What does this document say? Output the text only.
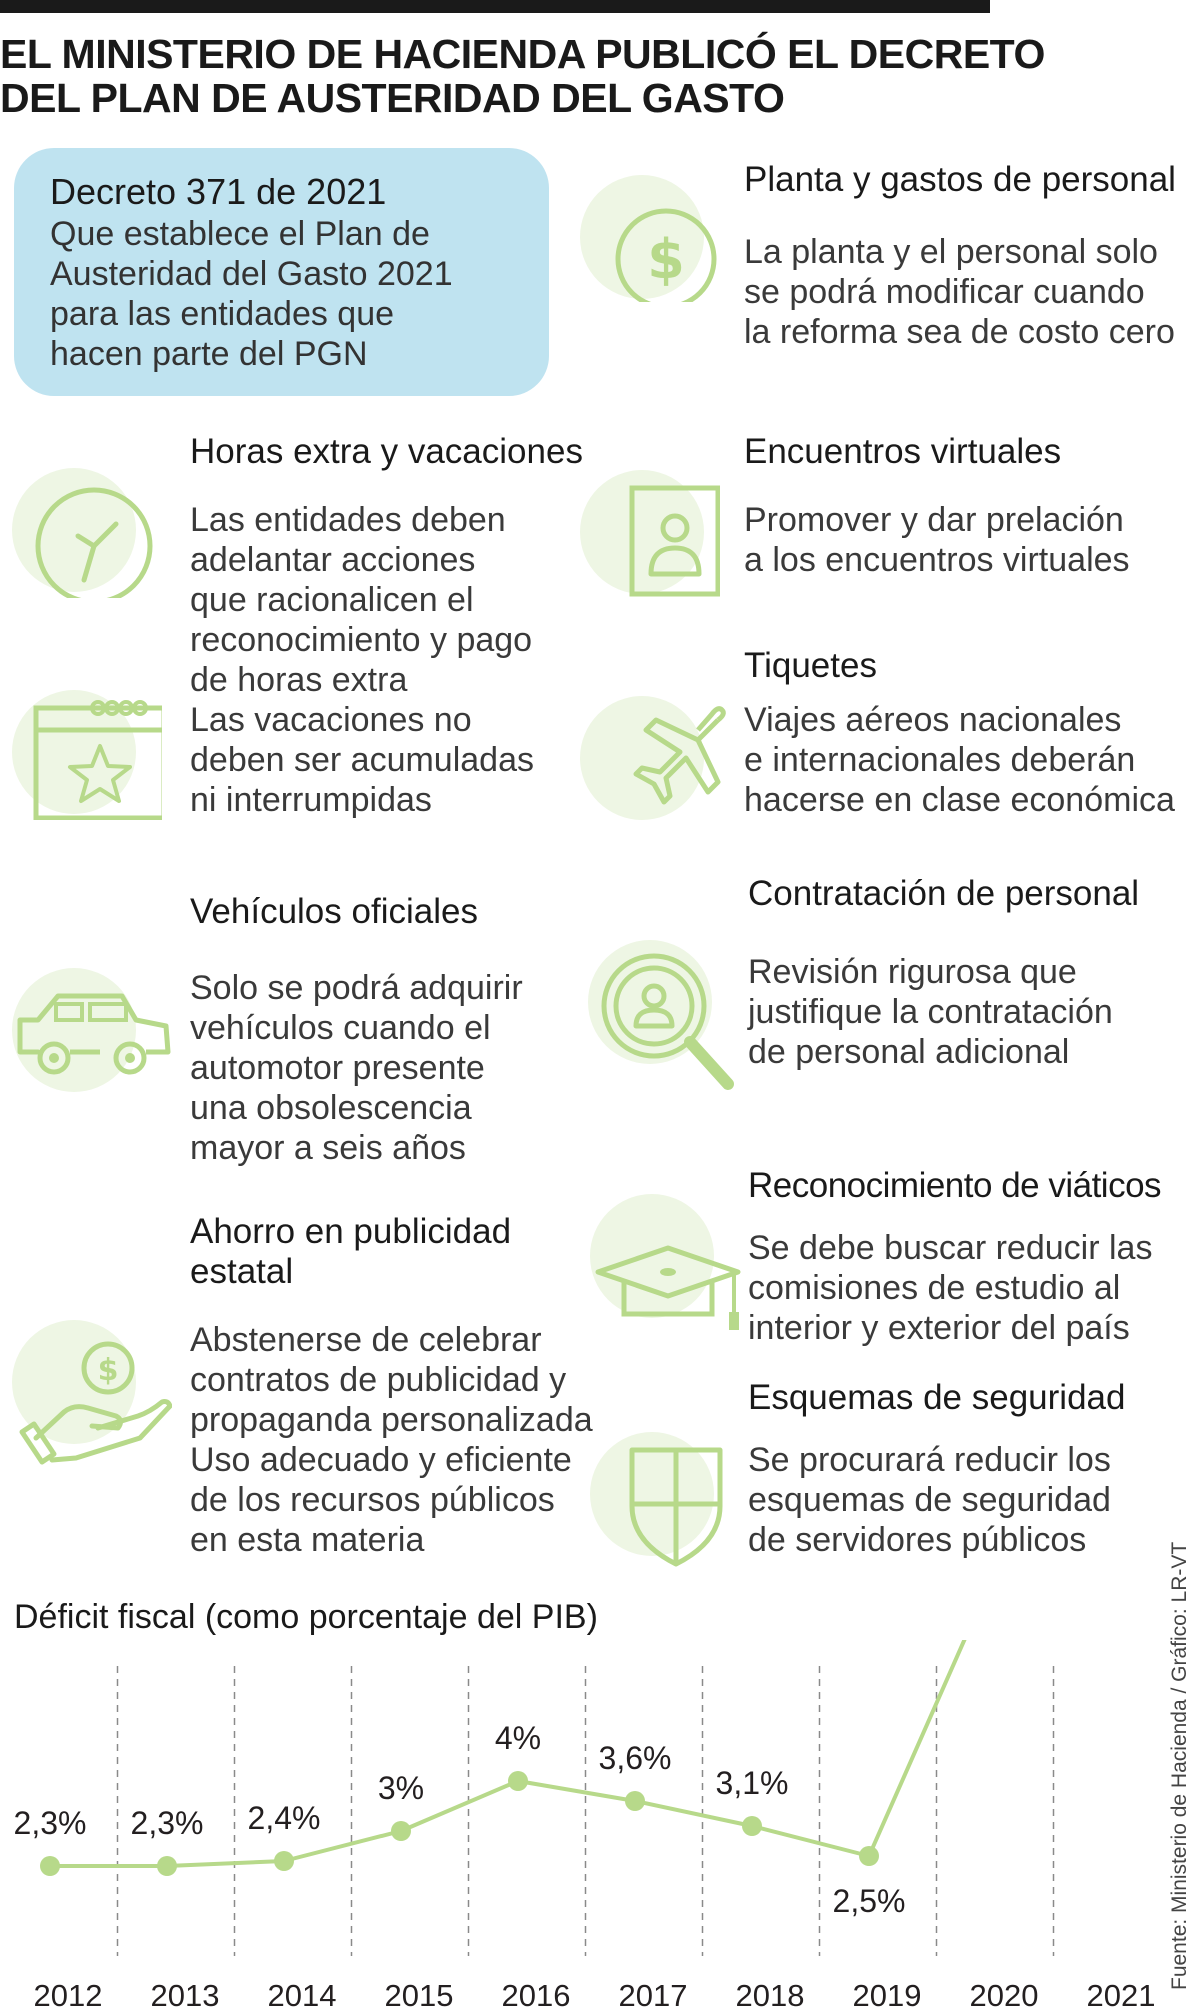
EL MINISTERIO DE HACIENDA PUBLICÓ EL DECRETO
DEL PLAN DE AUSTERIDAD DEL GASTO
Decreto 371 de 2021
Que establece el Plan de
Austeridad del Gasto 2021
para las entidades que
hacen parte del PGN
$
$
Planta y gastos de personal
La planta y el personal solo
se podrá modificar cuando
la reforma sea de costo cero
Horas extra y vacaciones
Las entidades deben
adelantar acciones
que racionalicen el
reconocimiento y pago
de horas extra
Las vacaciones no
deben ser acumuladas
ni interrumpidas
Encuentros virtuales
Promover y dar prelación
a los encuentros virtuales
Tiquetes
Viajes aéreos nacionales
e internacionales deberán
hacerse en clase económica
Vehículos oficiales
Solo se podrá adquirir
vehículos cuando el
automotor presente
una obsolescencia
mayor a seis años
Contratación de personal
Revisión rigurosa que
justifique la contratación
de personal adicional
Ahorro en publicidad
estatal
Abstenerse de celebrar
contratos de publicidad y
propaganda personalizada
Uso adecuado y eficiente
de los recursos públicos
en esta materia
Reconocimiento de viáticos
Se debe buscar reducir las
comisiones de estudio al
interior y exterior del país
Esquemas de seguridad
Se procurará reducir los
esquemas de seguridad
de servidores públicos
Déficit fiscal (como porcentaje del PIB)
2,3%
2012
2,3%
2013
2,4%
2014
3%
2015
4%
2016
3,6%
2017
3,1%
2018
2,5%
2019 2020 2021
Fuente: Ministerio de Hacienda / Gráfico: LR-VT
